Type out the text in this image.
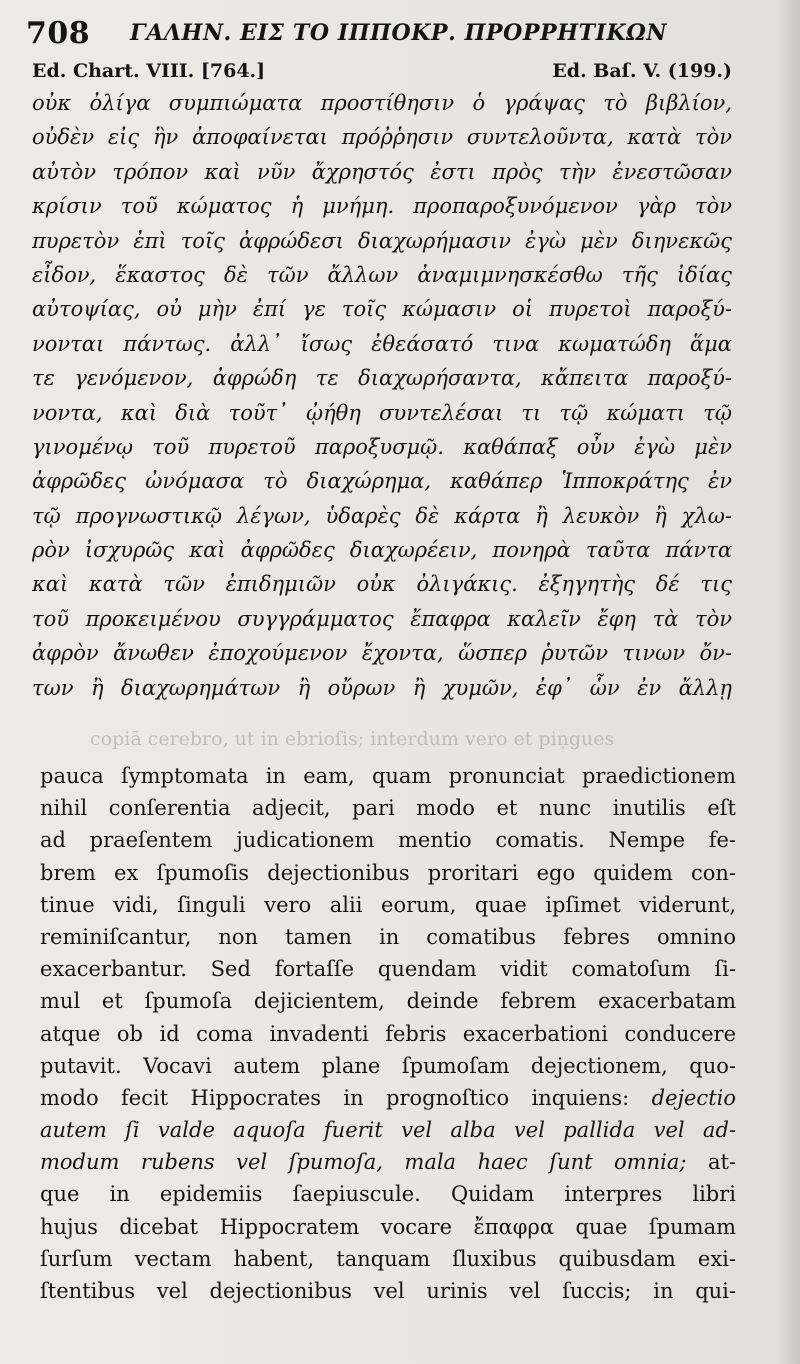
708 ΓΑΛΗΝ. ΕΙΣ ΤΟ ΙΠΠΟΚΡ. ΠΡΟΡΡΗΤΙΚΩΝ
Ed. Chart. VIII. [764.]	Ed. Baſ. V. (199.)
οὐκ ὀλίγα συμπιώματα προστίθησιν ὁ γράψας τὸ βιβλίον,
οὐδὲν εἰς ἣν ἀποφαίνεται πρόῤῥησιν συντελοῦντα, κατὰ τὸν
αὐτὸν τρόπον καὶ νῦν ἄχρηστός ἐστι πρὸς τὴν ἐνεστῶσαν
κρίσιν τοῦ κώματος ἡ μνήμη. προπαροξυνόμενον γὰρ τὸν
πυρετὸν ἐπὶ τοῖς ἀφρώδεσι διαχωρήμασιν ἐγὼ μὲν διηνεκῶς
εἶδον, ἕκαστος δὲ τῶν ἄλλων ἀναμιμνησκέσθω τῆς ἰδίας
αὐτοψίας, οὐ μὴν ἐπί γε τοῖς κώμασιν οἱ πυρετοὶ παροξύ-
νονται πάντως. ἀλλ᾽ ἴσως ἐθεάσατό τινα κωματώδη ἅμα
τε γενόμενον, ἀφρώδη τε διαχωρήσαντα, κἄπειτα παροξύ-
νοντα, καὶ διὰ τοῦτ᾽ ᾠήθη συντελέσαι τι τῷ κώματι τῷ
γινομένῳ τοῦ πυρετοῦ παροξυσμῷ. καθάπαξ οὖν ἐγὼ μὲν
ἀφρῶδες ὠνόμασα τὸ διαχώρημα, καθάπερ Ἱπποκράτης ἐν
τῷ προγνωστικῷ λέγων, ὑδαρὲς δὲ κάρτα ἢ λευκὸν ἢ χλω-
ρὸν ἰσχυρῶς καὶ ἀφρῶδες διαχωρέειν, πονηρὰ ταῦτα πάντα
καὶ κατὰ τῶν ἐπιδημιῶν οὐκ ὀλιγάκις. ἐξηγητὴς δέ τις
τοῦ προκειμένου συγγράμματος ἔπαφρα καλεῖν ἔφη τὰ τὸν
ἀφρὸν ἄνωθεν ἐποχούμενον ἔχοντα, ὥσπερ ῥυτῶν τινων ὄν-
των ἢ διαχωρημάτων ἢ οὔρων ἢ χυμῶν, ἐφ᾽ ὧν ἐν ἄλλῃ
copiā cerebro, ut in ebrioſis; interdum vero et piṇgues
pauca ſymptomata in eam, quam pronunciat praedictionem
nihil conſerentia adjecit, pari modo et nunc inutilis eſt
ad praeſentem judicationem mentio comatis. Nempe fe-
brem ex ſpumoſis dejectionibus proritari ego quidem con-
tinue vidi, ſinguli vero alii eorum, quae ipſimet viderunt,
reminiſcantur, non tamen in comatibus febres omnino
exacerbantur. Sed fortaſſe quendam vidit comatoſum ſi-
mul et ſpumoſa dejicientem, deinde febrem exacerbatam
atque ob id coma invadenti febris exacerbationi conducere
putavit. Vocavi autem plane ſpumoſam dejectionem, quo-
modo fecit Hippocrates in prognoſtico inquiens: dejectio
autem ſi valde aquoſa fuerit vel alba vel pallida vel ad-
modum rubens vel ſpumoſa, mala haec ſunt omnia; at-
que in epidemiis ſaepiuscule. Quidam interpres libri
hujus dicebat Hippocratem vocare ἔπαφρα quae ſpumam
ſurſum vectam habent, tanquam ſluxibus quibusdam exi-
ſtentibus vel dejectionibus vel urinis vel ſuccis; in qui-
